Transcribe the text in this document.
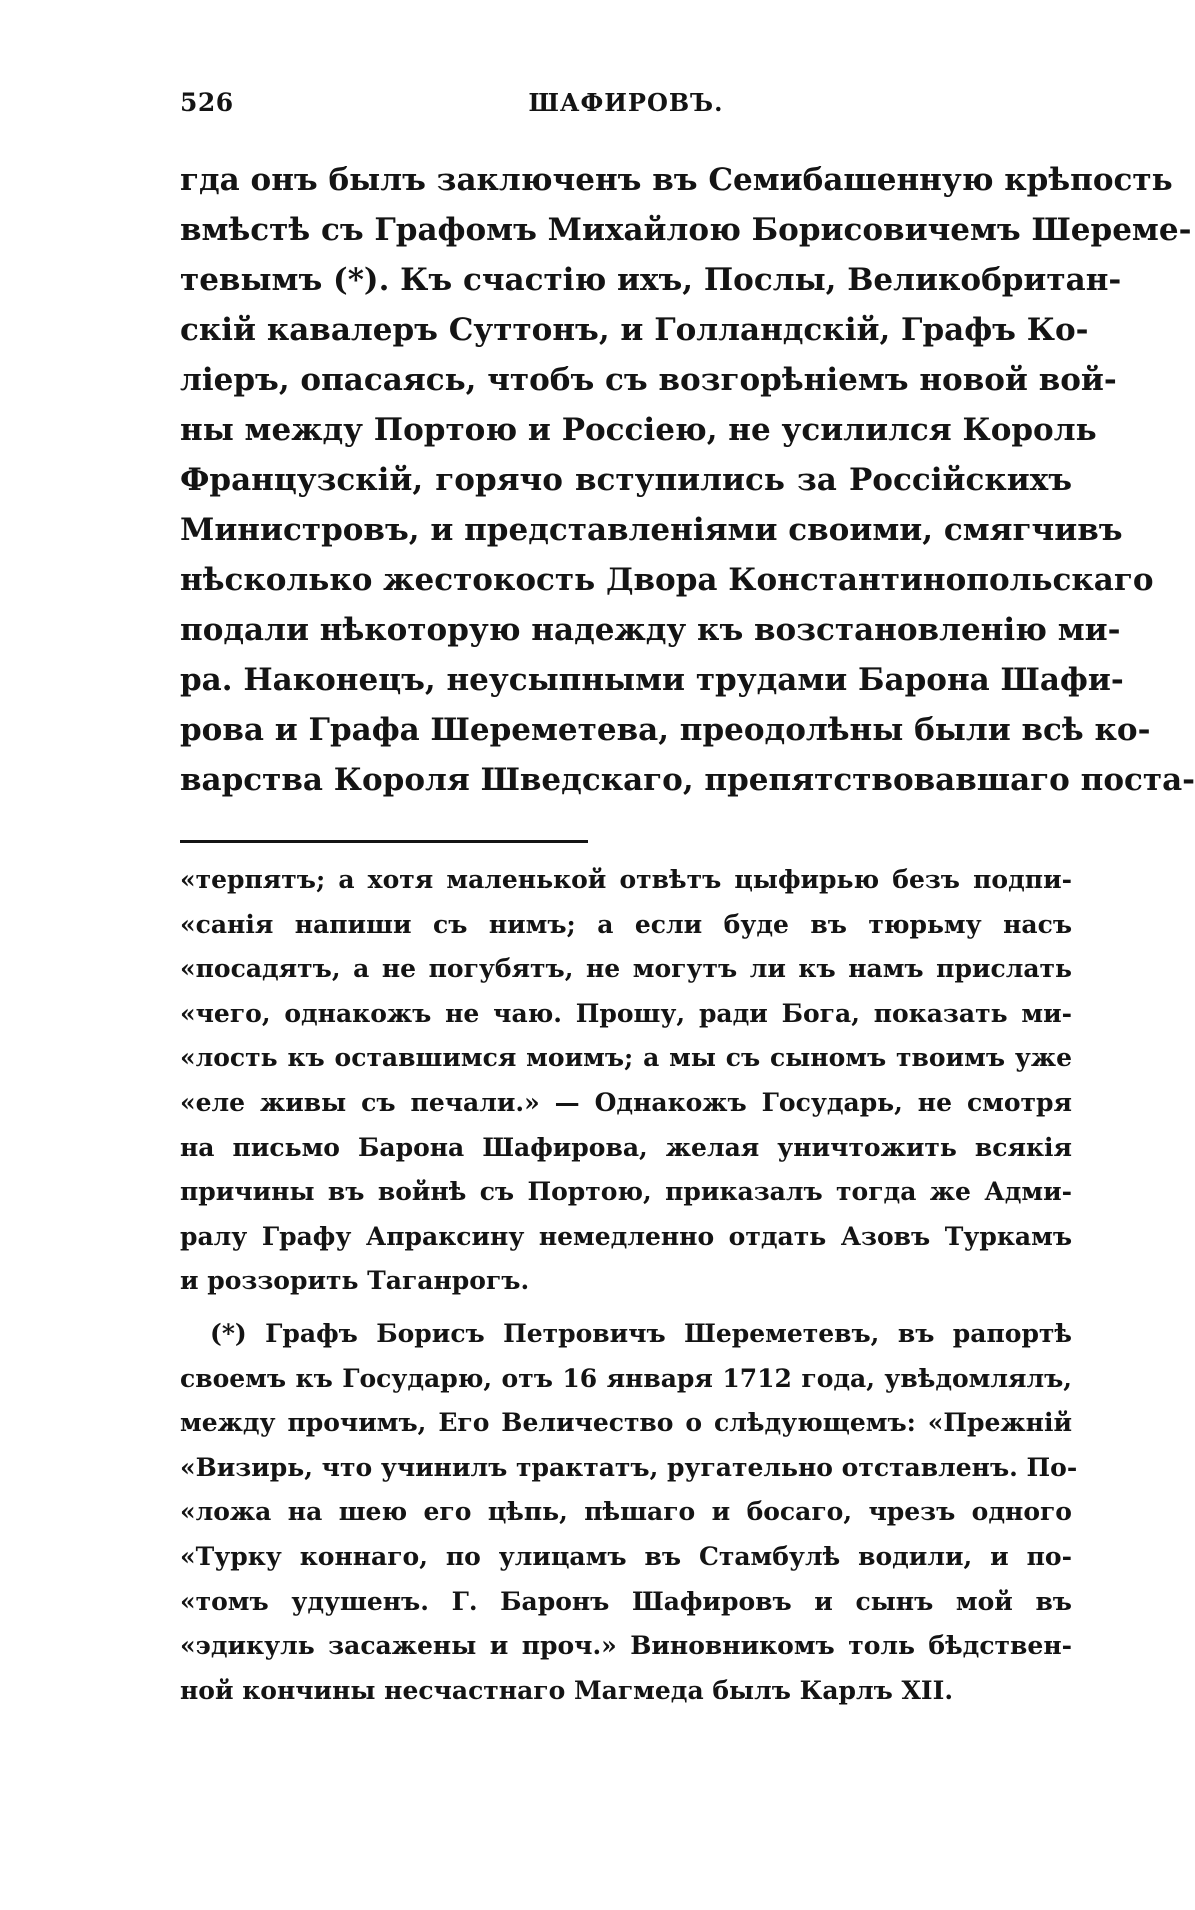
526	ШАФИРОВЪ.
гда онъ былъ заключенъ въ Семибашенную крѣпость
вмѣстѣ съ Графомъ Михайлою Борисовичемъ Шереме-
тевымъ (*). Къ счастію ихъ, Послы, Великобритан-
скій кавалеръ Суттонъ, и Голландскій, Графъ Ко-
ліеръ, опасаясь, чтобъ съ возгорѣніемъ новой вой-
ны между Портою и Россіею, не усилился Король
Французскій, горячо вступились за Россійскихъ
Министровъ, и представленіями своими, смягчивъ
нѣсколько жестокость Двора Константинопольскаго
подали нѣкоторую надежду къ возстановленію ми-
ра. Наконецъ, неусыпными трудами Барона Шафи-
рова и Графа Шереметева, преодолѣны были всѣ ко-
варства Короля Шведскаго, препятствовавшаго поста-
«терпятъ; а хотя маленькой отвѣтъ цыфирью безъ подпи-
«санія напиши съ нимъ; а если буде въ тюрьму насъ
«посадятъ, а не погубятъ, не могутъ ли къ намъ прислать
«чего, однакожъ не чаю. Прошу, ради Бога, показать ми-
«лость къ оставшимся моимъ; а мы съ сыномъ твоимъ уже
«еле живы съ печали.» — Однакожъ Государь, не смотря
на письмо Барона Шафирова, желая уничтожить всякія
причины въ войнѣ съ Портою, приказалъ тогда же Адми-
ралу Графу Апраксину немедленно отдать Азовъ Туркамъ
и роззорить Таганрогъ.
(*) Графъ Борисъ Петровичъ Шереметевъ, въ рапортѣ
своемъ къ Государю, отъ 16 января 1712 года, увѣдомлялъ,
между прочимъ, Его Величество о слѣдующемъ: «Прежній
«Визирь, что учинилъ трактатъ, ругательно отставленъ. По-
«ложа на шею его цѣпь, пѣшаго и босаго, чрезъ одного
«Турку коннаго, по улицамъ въ Стамбулѣ водили, и по-
«томъ удушенъ. Г. Баронъ Шафировъ и сынъ мой въ
«эдикуль засажены и проч.» Виновникомъ толь бѣдствен-
ной кончины несчастнаго Магмеда былъ Карлъ XII.
